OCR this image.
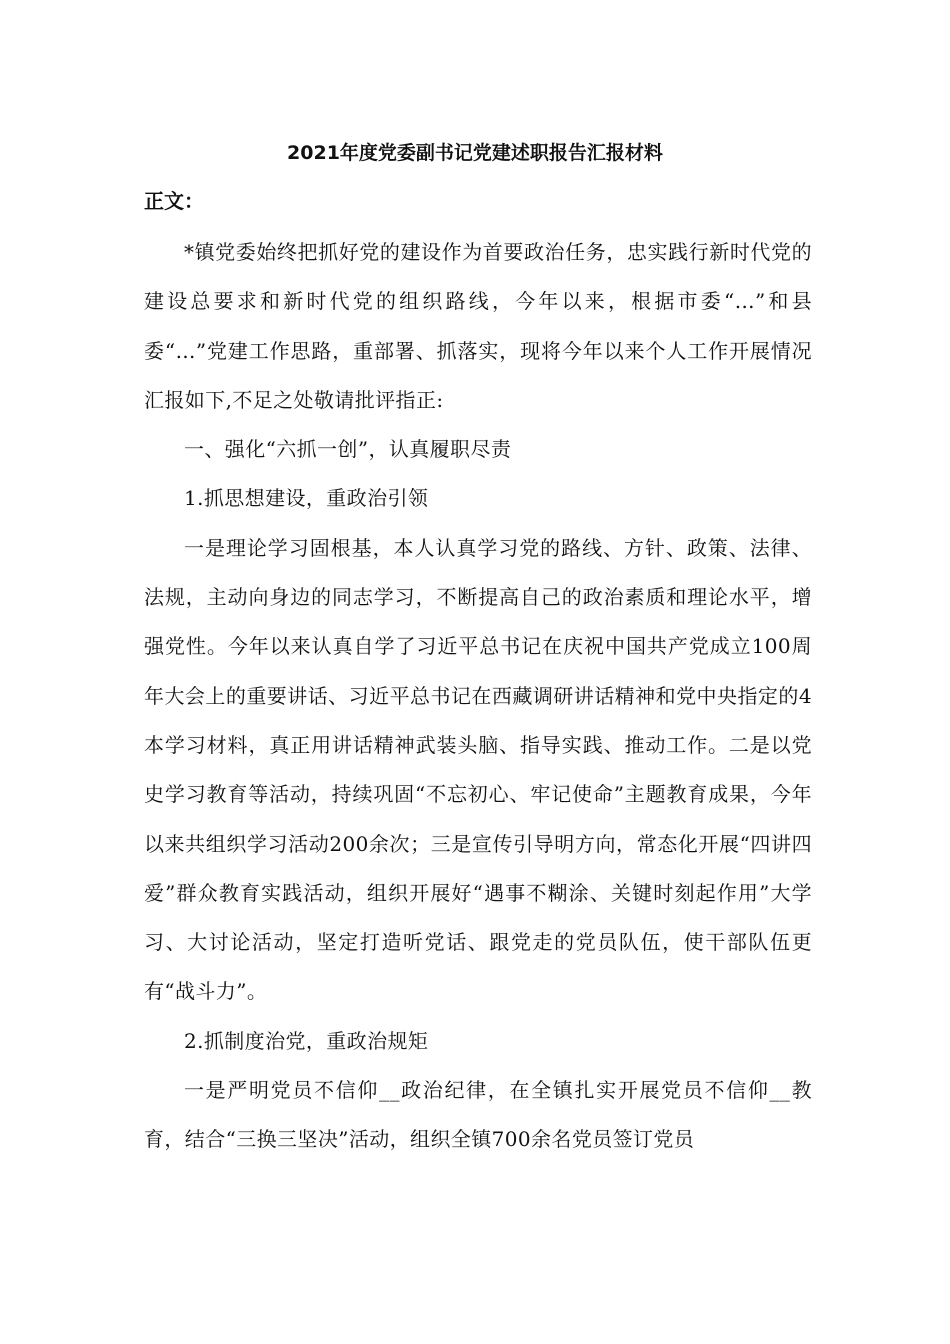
2021年度党委副书记党建述职报告汇报材料
正文：

*镇党委始终把抓好党的建设作为首要政治任务，忠实践行新时代党的建设总要求和新时代党的组织路线，今年以来，根据市委“…”和县委“…”党建工作思路，重部署、抓落实，现将今年以来个人工作开展情况汇报如下,不足之处敬请批评指正:

一、强化“六抓一创”，认真履职尽责

1.抓思想建设，重政治引领

一是理论学习固根基，本人认真学习党的路线、方针、政策、法律、法规，主动向身边的同志学习，不断提高自己的政治素质和理论水平，增强党性。今年以来认真自学了习近平总书记在庆祝中国共产党成立100周年大会上的重要讲话、习近平总书记在西藏调研讲话精神和党中央指定的4本学习材料，真正用讲话精神武装头脑、指导实践、推动工作。二是以党史学习教育等活动，持续巩固“不忘初心、牢记使命”主题教育成果，今年以来共组织学习活动200余次；三是宣传引导明方向，常态化开展“四讲四爱”群众教育实践活动，组织开展好“遇事不糊涂、关键时刻起作用”大学习、大讨论活动，坚定打造听党话、跟党走的党员队伍，使干部队伍更有“战斗力”。

2.抓制度治党，重政治规矩

一是严明党员不信仰__政治纪律，在全镇扎实开展党员不信仰__教育，结合“三换三坚决”活动，组织全镇700余名党员签订党员
